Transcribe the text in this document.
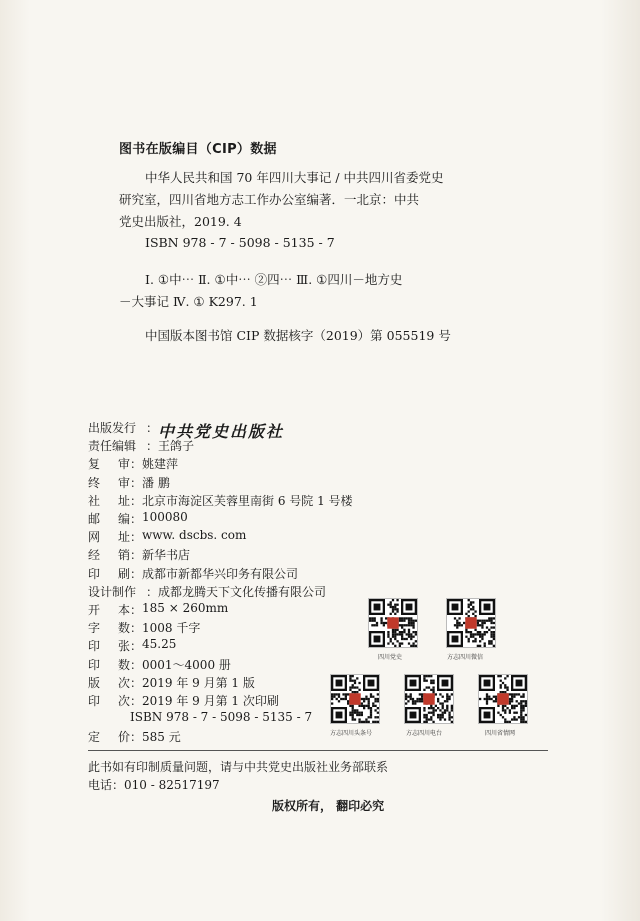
图书在版编目（CIP）数据
中华人民共和国 70 年四川大事记 / 中共四川省委党史
研究室，四川省地方志工作办公室编著．一北京：中共
党史出版社，2019. 4
ISBN 978 - 7 - 5098 - 5135 - 7
Ⅰ. ①中⋯ Ⅱ. ①中⋯ ②四⋯ Ⅲ. ①四川－地方史
－大事记 Ⅳ. ① K297. 1
中国版本图书馆 CIP 数据核字（2019）第 055519 号
出版发行 ： 中共党史出版社
责任编辑 ： 王鸽子
复审 ： 姚建萍
终审 ： 潘 鹏
社址 ： 北京市海淀区芙蓉里南街 6 号院 1 号楼
邮编 ： 100080
网址 ： www. dscbs. com
经销 ： 新华书店
印刷 ： 成都市新都华兴印务有限公司
设计制作 ： 成都龙腾天下文化传播有限公司
开本 ： 185 × 260mm
字数 ： 1008 千字
印张 ： 45.25
印数 ： 0001～4000 册
版次 ： 2019 年 9 月第 1 版
印次 ： 2019 年 9 月第 1 次印刷
ISBN 978 - 7 - 5098 - 5135 - 7
定价 ： 585 元
四川党史	方志四川微信
方志四川头条号	方志四川电台	四川省情网
此书如有印制质量问题，请与中共党史出版社业务部联系
电话：010 - 82517197
版权所有， 翻印必究
